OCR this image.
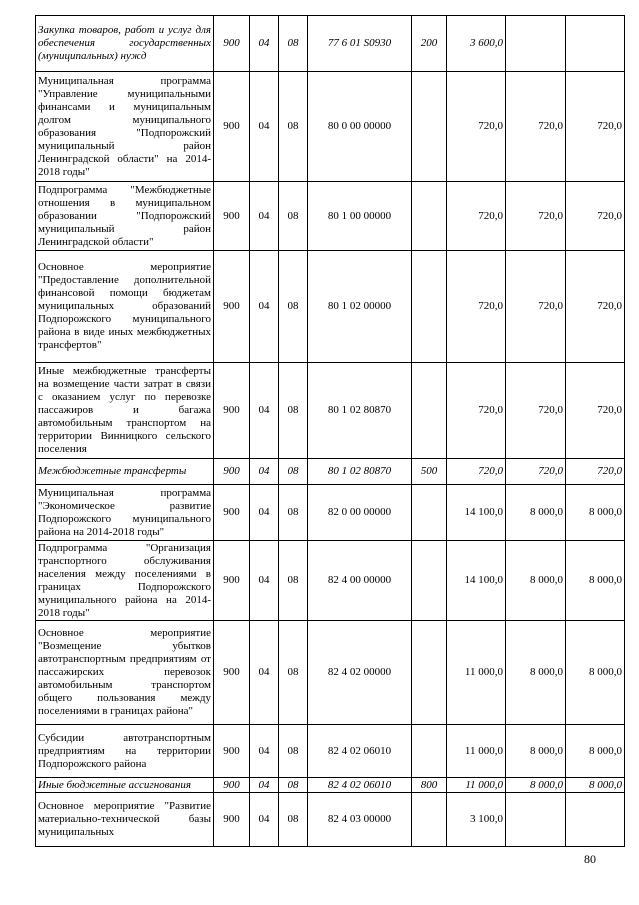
Закупка товаров, работ и услуг для обеспечения государственных (муниципальных) нужд	900	04	08	77 6 01 S0930	200	3 600,0		
Муниципальная программа "Управление муниципальными финансами и муниципальным долгом муниципального образования "Подпорожский муниципальный район Ленинградской области" на 2014-2018 годы"	900	04	08	80 0 00 00000		720,0	720,0	720,0
Подпрограмма "Межбюджетные отношения в муниципальном образовании "Подпорожский муниципальный район Ленинградской области"	900	04	08	80 1 00 00000		720,0	720,0	720,0
Основное мероприятие "Предоставление дополнительной финансовой помощи бюджетам муниципальных образований Подпорожского муниципального района в виде иных межбюджетных трансфертов"	900	04	08	80 1 02 00000		720,0	720,0	720,0
Иные межбюджетные трансферты на возмещение части затрат в связи с оказанием услуг по перевозке пассажиров и багажа автомобильным транспортом на территории Винницкого сельского поселения	900	04	08	80 1 02 80870		720,0	720,0	720,0
Межбюджетные трансферты	900	04	08	80 1 02 80870	500	720,0	720,0	720,0
Муниципальная программа "Экономическое развитие Подпорожского муниципального района на 2014-2018 годы"	900	04	08	82 0 00 00000		14 100,0	8 000,0	8 000,0
Подпрограмма "Организация транспортного обслуживания населения между поселениями в границах Подпорожского муниципального района на 2014-2018 годы"	900	04	08	82 4 00 00000		14 100,0	8 000,0	8 000,0
Основное мероприятие "Возмещение убытков автотранспортным предприятиям от пассажирских перевозок автомобильным транспортом общего пользования между поселениями в границах района"	900	04	08	82 4 02 00000		11 000,0	8 000,0	8 000,0
Субсидии автотранспортным предприятиям на территории Подпорожского района	900	04	08	82 4 02 06010		11 000,0	8 000,0	8 000,0
Иные бюджетные ассигнования	900	04	08	82 4 02 06010	800	11 000,0	8 000,0	8 000,0
Основное мероприятие "Развитие материально-технической базы муниципальных	900	04	08	82 4 03 00000		3 100,0		
80
